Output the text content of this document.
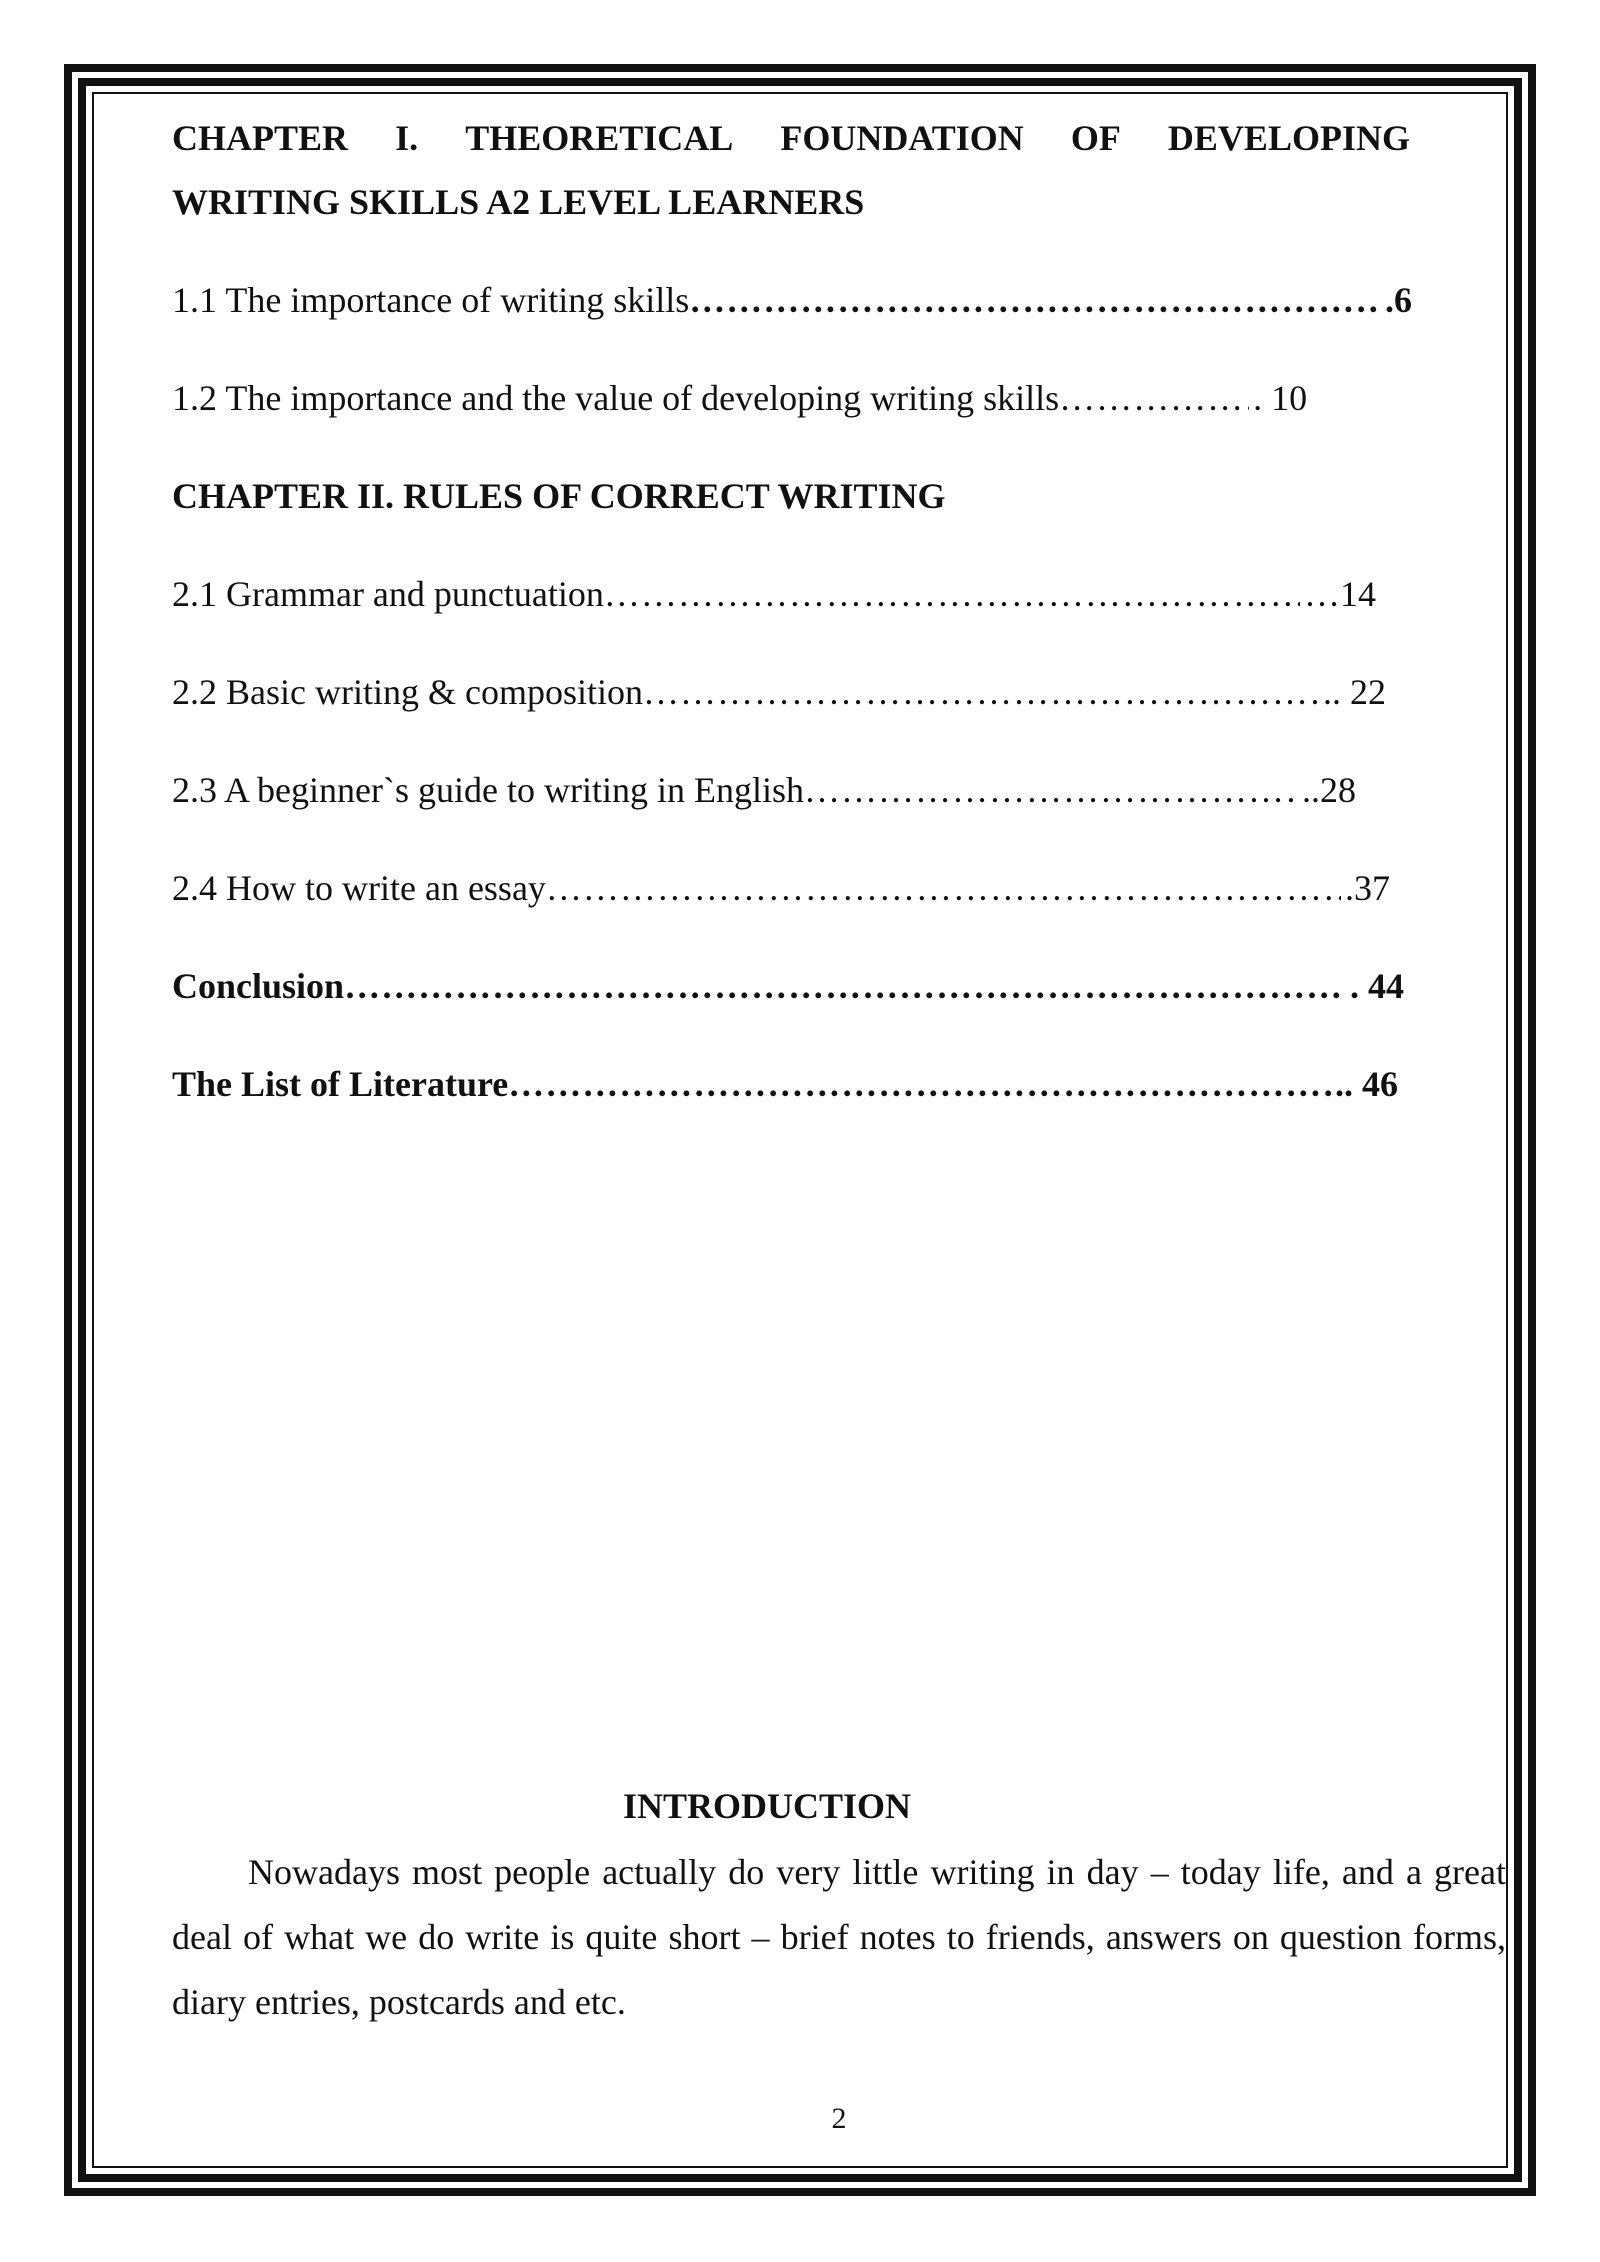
CHAPTER I. THEORETICAL FOUNDATION OF DEVELOPING
WRITING SKILLS A2 LEVEL LEARNERS
1.1 The importance of writing skills …………………………………………………………………………………………………………………………………	.6
1.2 The importance and the value of developing writing skills …………………………………………………………………………………………………………………………………	. 10
CHAPTER II. RULES OF CORRECT WRITING
2.1 Grammar and punctuation …………………………………………………………………………………………………………………………………	…14
2.2 Basic writing & composition …………………………………………………………………………………………………………………………………	.. 22
2.3 A beginner`s guide to writing in English …………………………………………………………………………………………………………………………………	..28
2.4 How to write an essay …………………………………………………………………………………………………………………………………	.37
Conclusion …………………………………………………………………………………………………………………………………	. 44
The List of Literature …………………………………………………………………………………………………………………………………	.. 46
INTRODUCTION
Nowadays most people actually do very little writing in day – today life, and a great deal of what we do write is quite short – brief notes to friends, answers on question forms, diary entries, postcards and etc.
2
